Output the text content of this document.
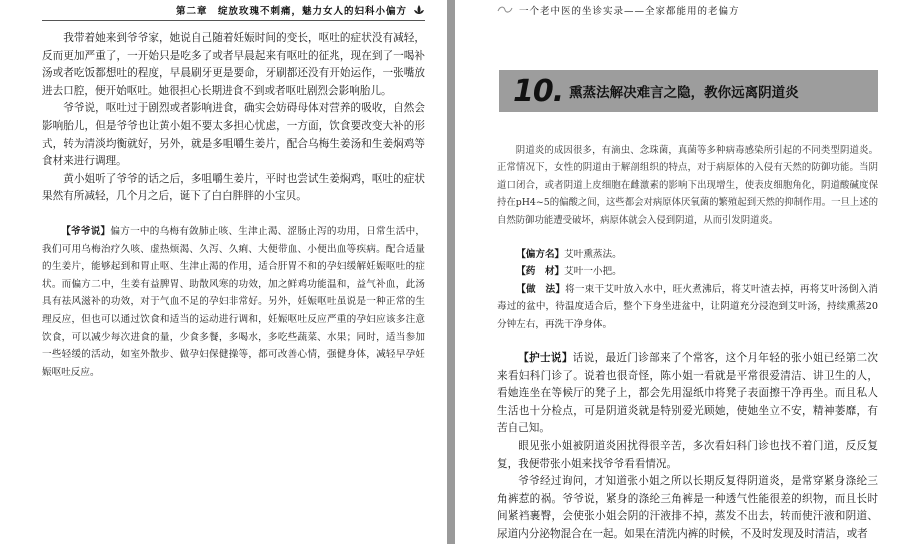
第二章　绽放玫瑰不刺痛，魅力女人的妇科小偏方

我带着她来到爷爷家，她说自己随着妊娠时间的变长，呕吐的症状没有减轻，反而更加严重了，一开始只是吃多了或者早晨起来有呕吐的征兆，现在到了一喝补汤或者吃饭都想吐的程度，早晨刷牙更是要命，牙刷都还没有开始运作，一张嘴放进去口腔，便开始呕吐。她很担心长期进食不到或者呕吐剧烈会影响胎儿。

爷爷说，呕吐过于剧烈或者影响进食，确实会妨碍母体对营养的吸收，自然会影响胎儿，但是爷爷也让黄小姐不要太多担心忧虑，一方面，饮食要改变大补的形式，转为清淡均衡就好，另外，就是多咀嚼生姜片，配合乌梅生姜汤和生姜焖鸡等食材来进行调理。

黄小姐听了爷爷的话之后，多咀嚼生姜片，平时也尝试生姜焖鸡，呕吐的症状果然有所减轻，几个月之后，诞下了白白胖胖的小宝贝。

【爷爷说】偏方一中的乌梅有敛肺止咳、生津止渴、涩肠止泻的功用，日常生活中，我们可用乌梅治疗久咳、虚热烦渴、久泻、久痢、大便带血、小便出血等疾病。配合适量的生姜片，能够起到和胃止呕、生津止渴的作用，适合肝胃不和的孕妇缓解妊娠呕吐的症状。而偏方二中，生姜有益脾胃、助散风寒的功效，加之鲜鸡功能温和，益气补血，此汤具有祛风滋补的功效，对于气血不足的孕妇非常好。另外，妊娠呕吐虽说是一种正常的生理反应，但也可以通过饮食和适当的运动进行调和，妊娠呕吐反应严重的孕妇应该多注意饮食，可以减少每次进食的量，少食多餐，多喝水，多吃些蔬菜、水果；同时，适当参加一些轻缓的活动，如室外散步、做孕妇保健操等，都可改善心情，强健身体，减轻早孕妊娠呕吐反应。

一个老中医的坐诊实录——全家都能用的老偏方
10. 熏蒸法解决难言之隐，教你远离阴道炎

阴道炎的成因很多，有滴虫、念珠菌，真菌等多种病毒感染所引起的不同类型阴道炎。正常情况下，女性的阴道由于解剖组织的特点，对于病原体的入侵有天然的防御功能。当阴道口闭合，或者阴道上皮细胞在雌激素的影响下出现增生，使表皮细胞角化，阴道酸碱度保持在pH4~5的偏酸之间，这些都会对病原体厌氧菌的繁殖起到天然的抑制作用。一旦上述的自然防御功能遭受破坏，病原体就会入侵到阴道，从而引发阴道炎。

【偏方名】艾叶熏蒸法。

【药　材】艾叶一小把。

【做　法】将一束干艾叶放入水中，旺火煮沸后，将艾叶渣去掉，再将艾叶汤倒入消毒过的盆中，待温度适合后，整个下身坐进盆中，让阴道充分浸泡到艾叶汤，持续熏蒸20分钟左右，再洗干净身体。

【护士说】话说，最近门诊部来了个常客，这个月年轻的张小姐已经第二次来看妇科门诊了。说着也很奇怪，陈小姐一看就是平常很爱清洁、讲卫生的人，看她连坐在等候厅的凳子上，都会先用湿纸巾将凳子表面擦干净再坐。而且私人生活也十分检点，可是阴道炎就是特别爱光顾她，使她坐立不安，精神萎靡，有苦自己知。

眼见张小姐被阴道炎困扰得很辛苦，多次看妇科门诊也找不着门道，反反复复，我便带张小姐来找爷爷看看情况。

爷爷经过询问，才知道张小姐之所以长期反复得阴道炎，是常穿紧身涤纶三角裤惹的祸。爷爷说，紧身的涤纶三角裤是一种透气性能很差的织物，而且长时间紧裆裹臀，会使张小姐会阴的汗液排不掉，蒸发不出去，转而使汗液和阴道、尿道内分泌物混合在一起。如果在清洗内裤的时候，不及时发现及时清洁，或者
